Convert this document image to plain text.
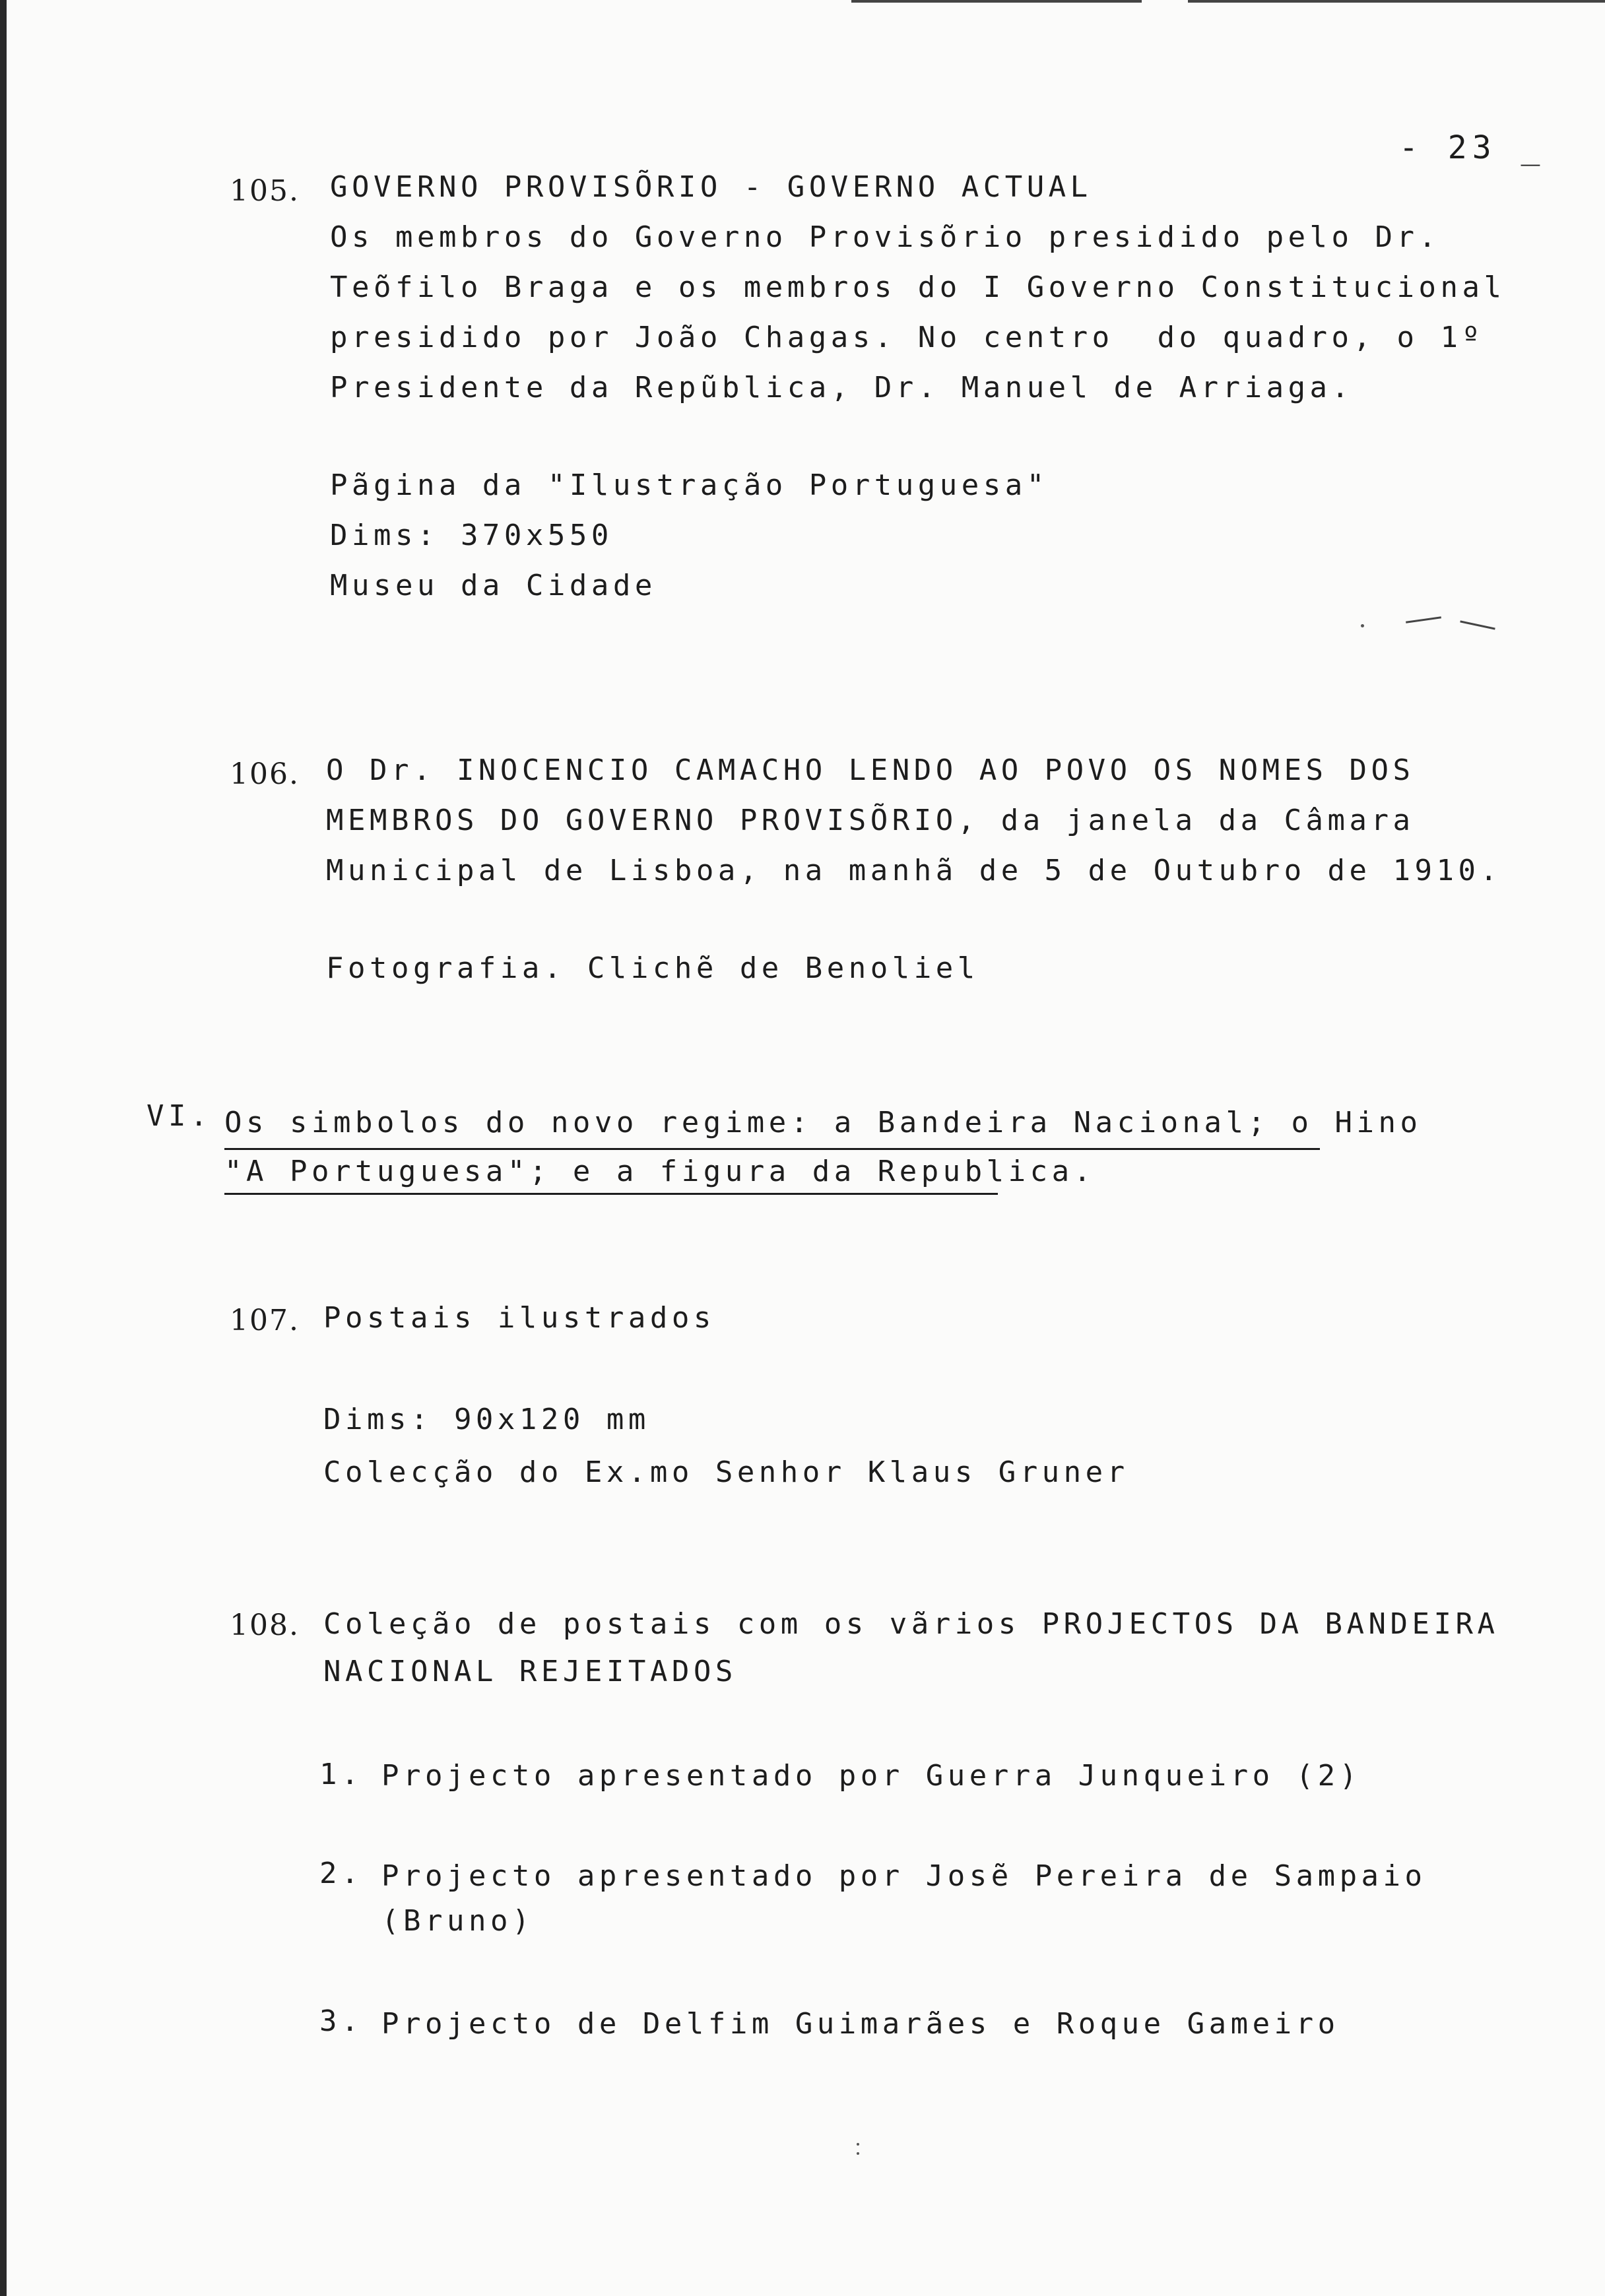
- 23 _
105. GOVERNO PROVISÕRIO - GOVERNO ACTUAL
Os membros do Governo Provisõrio presidido pelo Dr.
Teõfilo Braga e os membros do I Governo Constitucional
presidido por João Chagas. No centro  do quadro, o 1º
Presidente da Repũblica, Dr. Manuel de Arriaga.
Pãgina da "Ilustração Portuguesa"
Dims: 370x550
Museu da Cidade
106. O Dr. INOCENCIO CAMACHO LENDO AO POVO OS NOMES DOS
MEMBROS DO GOVERNO PROVISÕRIO, da janela da Câmara
Municipal de Lisboa, na manhã de 5 de Outubro de 1910.
Fotografia. Clichẽ de Benoliel
VI. Os simbolos do novo regime: a Bandeira Nacional; o Hino
"A Portuguesa"; e a figura da Republica.
107. Postais ilustrados
Dims: 90x120 mm
Colecção do Ex.mo Senhor Klaus Gruner
108. Coleção de postais com os vãrios PROJECTOS DA BANDEIRA
NACIONAL REJEITADOS
1. Projecto apresentado por Guerra Junqueiro (2)
2. Projecto apresentado por Josẽ Pereira de Sampaio
(Bruno)
3. Projecto de Delfim Guimarães e Roque Gameiro
